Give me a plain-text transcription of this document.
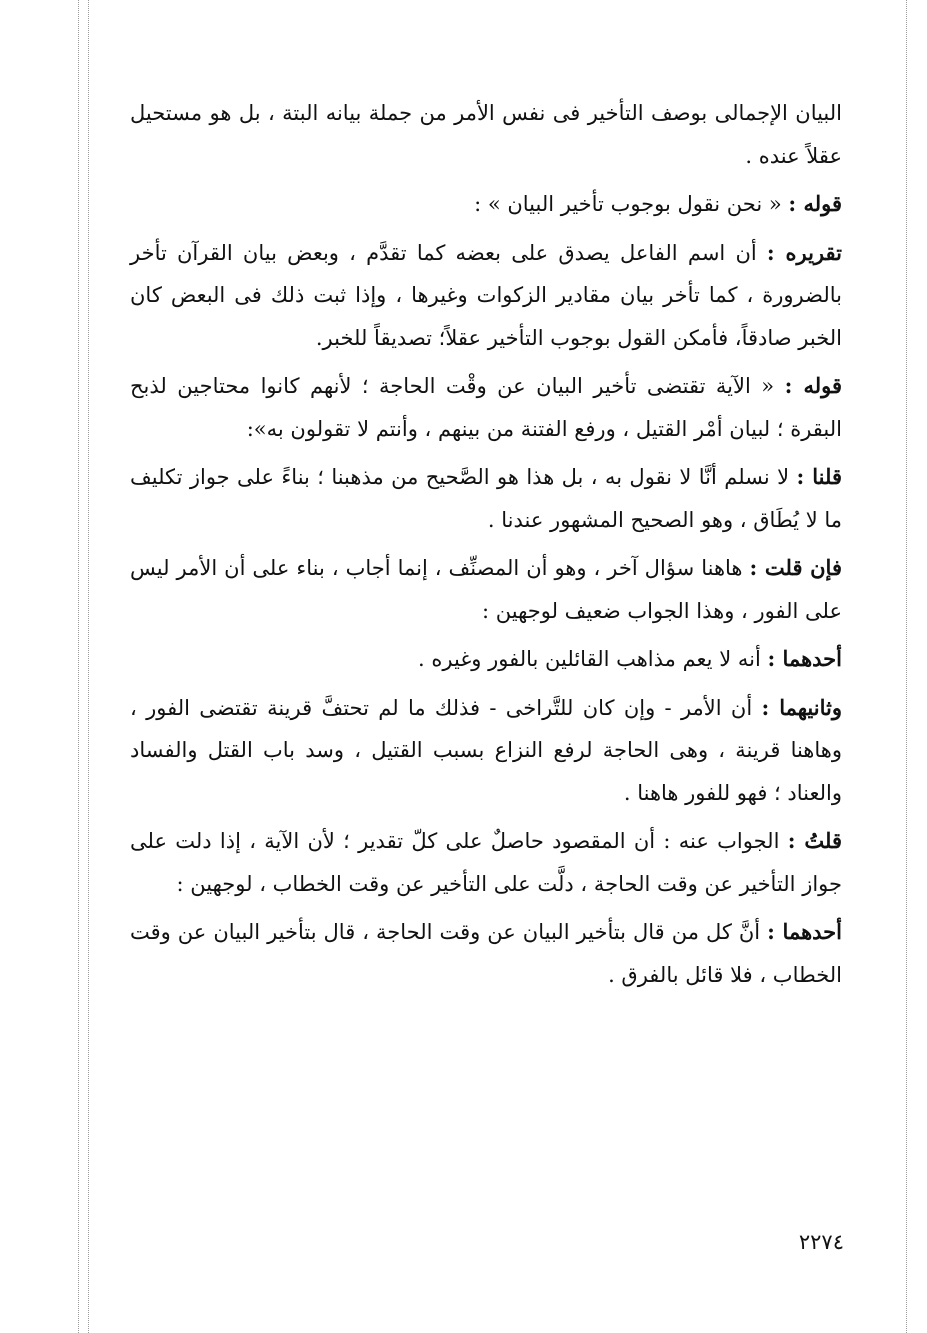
البيان الإجمالى بوصف التأخير فى نفس الأمر من جملة بيانه البتة ، بل هو مستحيل عقلاً عنده .

قوله : « نحن نقول بوجوب تأخير البيان » :

تقريره : أن اسم الفاعل يصدق على بعضه كما تقدَّم ، وبعض بيان القرآن تأخر بالضرورة ، كما تأخر بيان مقادير الزكوات وغيرها ، وإذا ثبت ذلك فى البعض كان الخبر صادقاً، فأمكن القول بوجوب التأخير عقلاً؛ تصديقاً للخبر.

قوله : « الآية تقتضى تأخير البيان عن وقْت الحاجة ؛ لأنهم كانوا محتاجين لذبح البقرة ؛ لبيان أمْر القتيل ، ورفع الفتنة من بينهم ، وأنتم لا تقولون به»:

قلنا : لا نسلم أنَّا لا نقول به ، بل هذا هو الصَّحيح من مذهبنا ؛ بناءً على جواز تكليف ما لا يُطَاق ، وهو الصحيح المشهور عندنا .

فإن قلت : هاهنا سؤال آخر ، وهو أن المصنِّف ، إنما أجاب ، بناء على أن الأمر ليس على الفور ، وهذا الجواب ضعيف لوجهين :

أحدهما : أنه لا يعم مذاهب القائلين بالفور وغيره .

وثانيهما : أن الأمر - وإن كان للتَّراخى - فذلك ما لم تحتفَّ قرينة تقتضى الفور ، وهاهنا قرينة ، وهى الحاجة لرفع النزاع بسبب القتيل ، وسد باب القتل والفساد والعناد ؛ فهو للفور هاهنا .

قلتُ : الجواب عنه : أن المقصود حاصلٌ على كلّ تقدير ؛ لأن الآية ، إذا دلت على جواز التأخير عن وقت الحاجة ، دلَّت على التأخير عن وقت الخطاب ، لوجهين :

أحدهما : أنَّ كل من قال بتأخير البيان عن وقت الحاجة ، قال بتأخير البيان عن وقت الخطاب ، فلا قائل بالفرق .

٢٢٧٤
